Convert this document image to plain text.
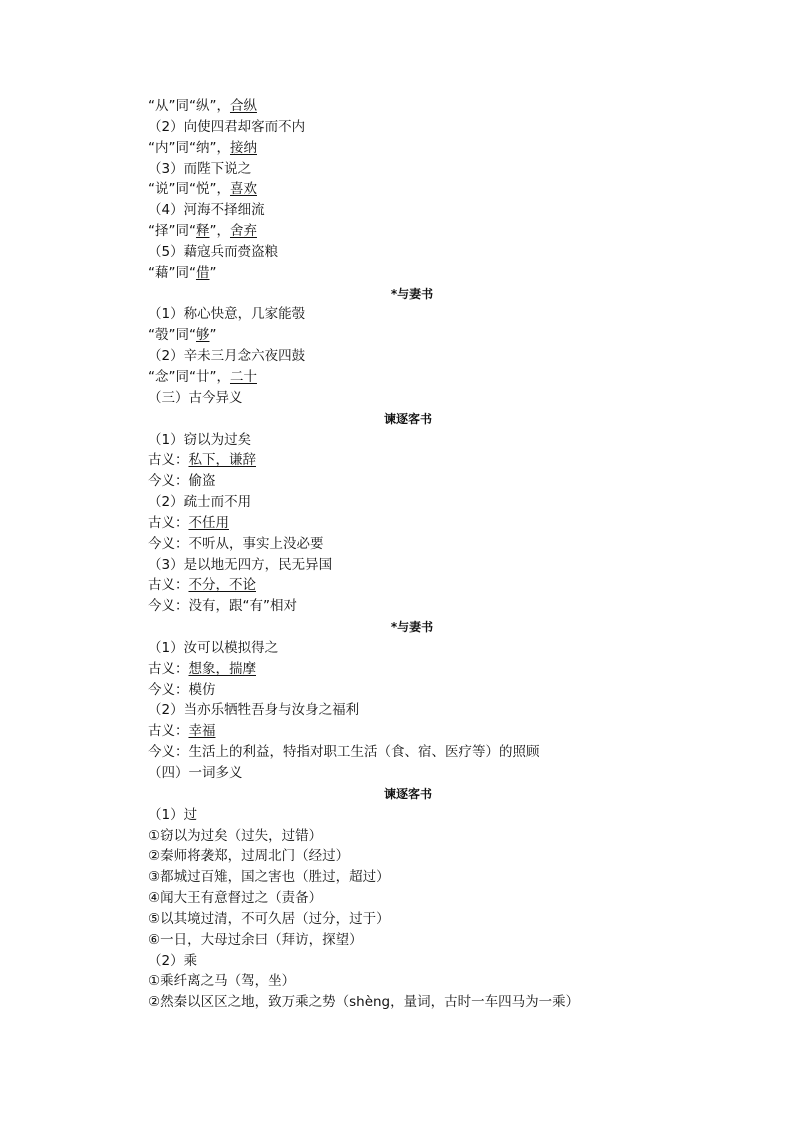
“从”同“纵”，合纵
（2）向使四君却客而不内
“内”同“纳”，接纳
（3）而陛下说之
“说”同“悦”，喜欢
（4）河海不择细流
“择”同“释”，舍弃
（5）藉寇兵而赍盗粮
“藉”同“借”
*与妻书
（1）称心快意，几家能彀
“彀”同“够”
（2）辛未三月念六夜四鼓
“念”同“廿”，二十
（三）古今异义
谏逐客书
（1）窃以为过矣
古义：私下，谦辞
今义：偷盗
（2）疏士而不用
古义：不任用
今义：不听从，事实上没必要
（3）是以地无四方，民无异国
古义：不分，不论
今义：没有，跟“有”相对
*与妻书
（1）汝可以模拟得之
古义：想象，揣摩
今义：模仿
（2）当亦乐牺牲吾身与汝身之福利
古义：幸福
今义：生活上的利益，特指对职工生活（食、宿、医疗等）的照顾
（四）一词多义
谏逐客书
（1）过
①窃以为过矣（过失，过错）
②秦师将袭郑，过周北门（经过）
③都城过百雉，国之害也（胜过，超过）
④闻大王有意督过之（责备）
⑤以其境过清，不可久居（过分，过于）
⑥一日，大母过余曰（拜访，探望）
（2）乘
①乘纤离之马（驾，坐）
②然秦以区区之地，致万乘之势（shèng，量词，古时一车四马为一乘）
